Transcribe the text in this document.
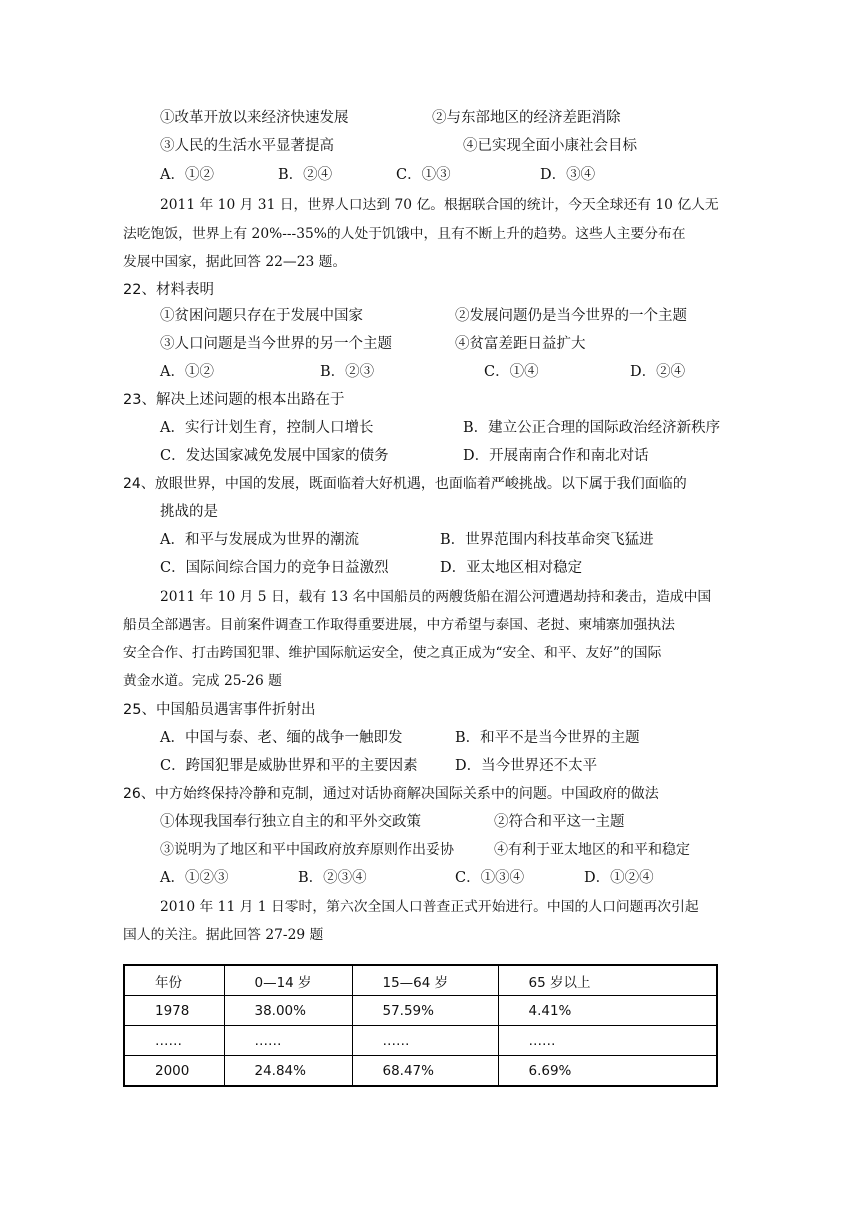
①改革开放以来经济快速发展	②与东部地区的经济差距消除
③人民的生活水平显著提高	④已实现全面小康社会目标
A．①②	B．②④	C．①③	D．③④
2011 年 10 月 31 日，世界人口达到 70 亿。根据联合国的统计，今天全球还有 10 亿人无
法吃饱饭，世界上有 20%---35%的人处于饥饿中，且有不断上升的趋势。这些人主要分布在
发展中国家，据此回答 22—23 题。
22、材料表明
①贫困问题只存在于发展中国家	②发展问题仍是当今世界的一个主题
③人口问题是当今世界的另一个主题	④贫富差距日益扩大
A．①②	B．②③	C．①④	D．②④
23、解决上述问题的根本出路在于
A．实行计划生育，控制人口增长	B．建立公正合理的国际政治经济新秩序
C．发达国家减免发展中国家的债务	D．开展南南合作和南北对话
24、放眼世界，中国的发展，既面临着大好机遇，也面临着严峻挑战。以下属于我们面临的
挑战的是
A．和平与发展成为世界的潮流	B．世界范围内科技革命突飞猛进
C．国际间综合国力的竞争日益激烈	D．亚太地区相对稳定
2011 年 10 月 5 日，载有 13 名中国船员的两艘货船在湄公河遭遇劫持和袭击，造成中国
船员全部遇害。目前案件调查工作取得重要进展，中方希望与泰国、老挝、柬埔寨加强执法
安全合作、打击跨国犯罪、维护国际航运安全，使之真正成为“安全、和平、友好”的国际
黄金水道。完成 25-26 题
25、中国船员遇害事件折射出
A．中国与泰、老、缅的战争一触即发	B．和平不是当今世界的主题
C．跨国犯罪是威胁世界和平的主要因素	D．当今世界还不太平
26、中方始终保持冷静和克制，通过对话协商解决国际关系中的问题。中国政府的做法
①体现我国奉行独立自主的和平外交政策	②符合和平这一主题
③说明为了地区和平中国政府放弃原则作出妥协	④有利于亚太地区的和平和稳定
A．①②③	B．②③④	C．①③④	D．①②④
2010 年 11 月 1 日零时，第六次全国人口普查正式开始进行。中国的人口问题再次引起
国人的关注。据此回答 27-29 题
年份	0—14 岁	15—64 岁	65 岁以上
1978	38.00%	57.59%	4.41%
……	……	……	……
2000	24.84%	68.47%	6.69%
